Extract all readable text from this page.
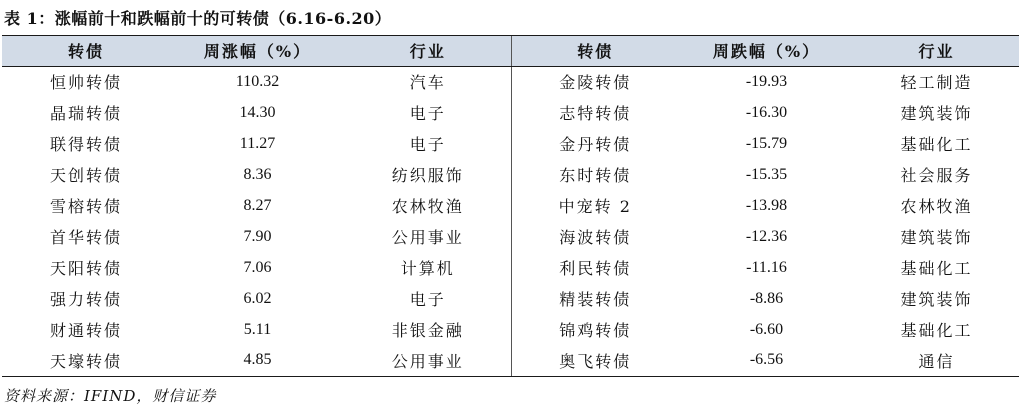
表 1：涨幅前十和跌幅前十的可转债（6.16-6.20）
转债	周涨幅（%）	行业	转债	周跌幅（%）	行业
恒帅转债	110.32	汽车	金陵转债	-19.93	轻工制造
晶瑞转债	14.30	电子	志特转债	-16.30	建筑装饰
联得转债	11.27	电子	金丹转债	-15.79	基础化工
天创转债	8.36	纺织服饰	东时转债	-15.35	社会服务
雪榕转债	8.27	农林牧渔	中宠转 2	-13.98	农林牧渔
首华转债	7.90	公用事业	海波转债	-12.36	建筑装饰
天阳转债	7.06	计算机	利民转债	-11.16	基础化工
强力转债	6.02	电子	精装转债	-8.86	建筑装饰
财通转债	5.11	非银金融	锦鸡转债	-6.60	基础化工
天壕转债	4.85	公用事业	奥飞转债	-6.56	通信
资料来源：IFIND，财信证券
